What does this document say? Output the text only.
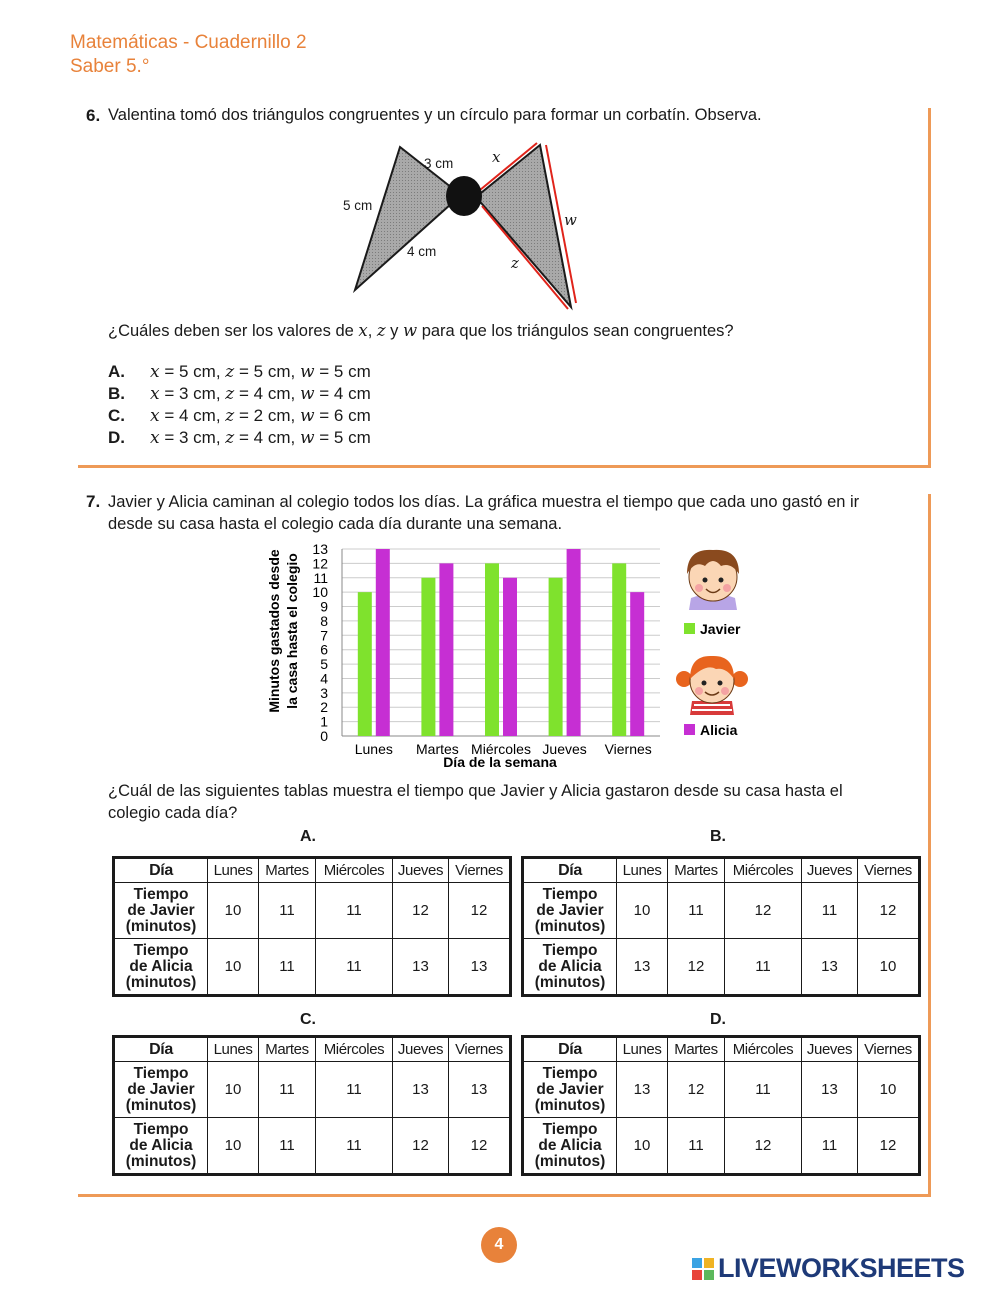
Matemáticas - Cuadernillo 2
Saber 5.°
6. Valentina tomó dos triángulos congruentes y un círculo para formar un corbatín. Observa.
3 cm
5 cm
4 cm
x
w
z
¿Cuáles deben ser los valores de x, z y w para que los triángulos sean congruentes?
A. x = 5 cm, z = 5 cm, w = 5 cm
B. x = 3 cm, z = 4 cm, w = 4 cm
C. x = 4 cm, z = 2 cm, w = 6 cm
D. x = 3 cm, z = 4 cm, w = 5 cm
7. Javier y Alicia caminan al colegio todos los días. La gráfica muestra el tiempo que cada uno gastó en ir
desde su casa hasta el colegio cada día durante una semana.
0
1
2
3
4
5
6
7
8
9
10
11
12
13
Lunes Martes Miércoles Jueves Viernes
Minutos gastados desde la casa hasta el colegio
Día de la semana
Javier
Alicia
¿Cuál de las siguientes tablas muestra el tiempo que Javier y Alicia gastaron desde su casa hasta el
colegio cada día?
A.
Día	Lunes	Martes	Miércoles	Jueves	Viernes
Tiempo
de Javier
(minutos)	10	11	11	12	12
Tiempo
de Alicia
(minutos)	10	11	11	13	13
B.
Día	Lunes	Martes	Miércoles	Jueves	Viernes
Tiempo
de Javier
(minutos)	10	11	12	11	12
Tiempo
de Alicia
(minutos)	13	12	11	13	10
C.
Día	Lunes	Martes	Miércoles	Jueves	Viernes
Tiempo
de Javier
(minutos)	10	11	11	13	13
Tiempo
de Alicia
(minutos)	10	11	11	12	12
D.
Día	Lunes	Martes	Miércoles	Jueves	Viernes
Tiempo
de Javier
(minutos)	13	12	11	13	10
Tiempo
de Alicia
(minutos)	10	11	12	11	12
4
LIVEWORKSHEETS
